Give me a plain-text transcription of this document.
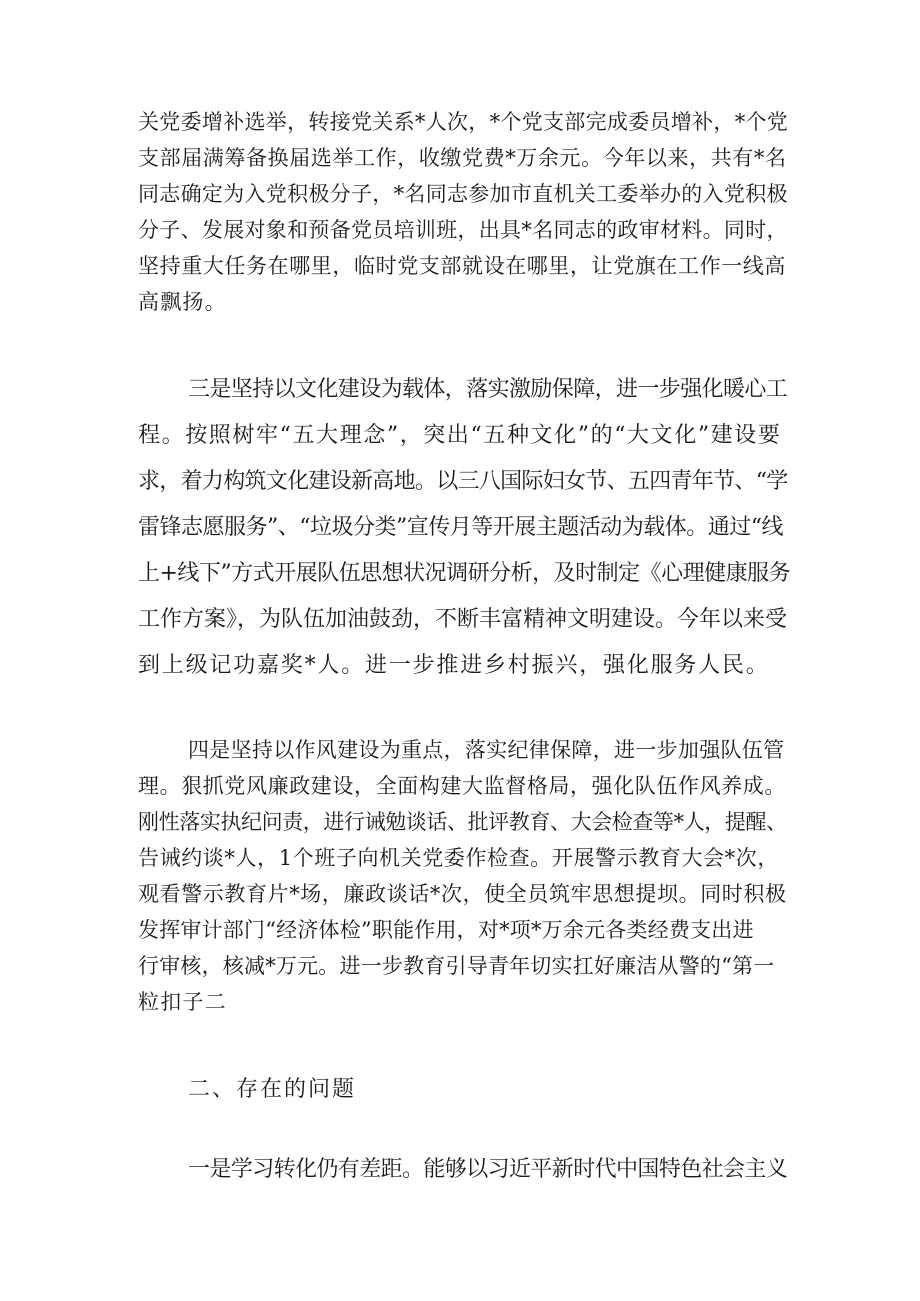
关党委增补选举，转接党关系*人次，*个党支部完成委员增补，*个党
支部届满筹备换届选举工作，收缴党费*万余元。今年以来，共有*名
同志确定为入党积极分子，*名同志参加市直机关工委举办的入党积极
分子、发展对象和预备党员培训班，出具*名同志的政审材料。同时，
坚持重大任务在哪里，临时党支部就设在哪里，让党旗在工作一线高
高飘扬。
三是坚持以文化建设为载体，落实激励保障，进一步强化暖心工
程。按照树牢“五大理念”，突出“五种文化”的“大文化”建设要
求，着力构筑文化建设新高地。以三八国际妇女节、五四青年节、“学
雷锋志愿服务”、“垃圾分类”宣传月等开展主题活动为载体。通过“线
上+线下”方式开展队伍思想状况调研分析，及时制定《心理健康服务
工作方案》，为队伍加油鼓劲，不断丰富精神文明建设。今年以来受
到上级记功嘉奖*人。进一步推进乡村振兴，强化服务人民。
四是坚持以作风建设为重点，落实纪律保障，进一步加强队伍管
理。狠抓党风廉政建设，全面构建大监督格局，强化队伍作风养成。
刚性落实执纪问责，进行诫勉谈话、批评教育、大会检查等*人，提醒、
告诫约谈*人，1个班子向机关党委作检查。开展警示教育大会*次，
观看警示教育片*场，廉政谈话*次，使全员筑牢思想提坝。同时积极
发挥审计部门“经济体检”职能作用，对*项*万余元各类经费支出进
行审核，核减*万元。进一步教育引导青年切实扛好廉洁从警的“第一
粒扣子二
二、存在的问题
一是学习转化仍有差距。能够以习近平新时代中国特色社会主义
